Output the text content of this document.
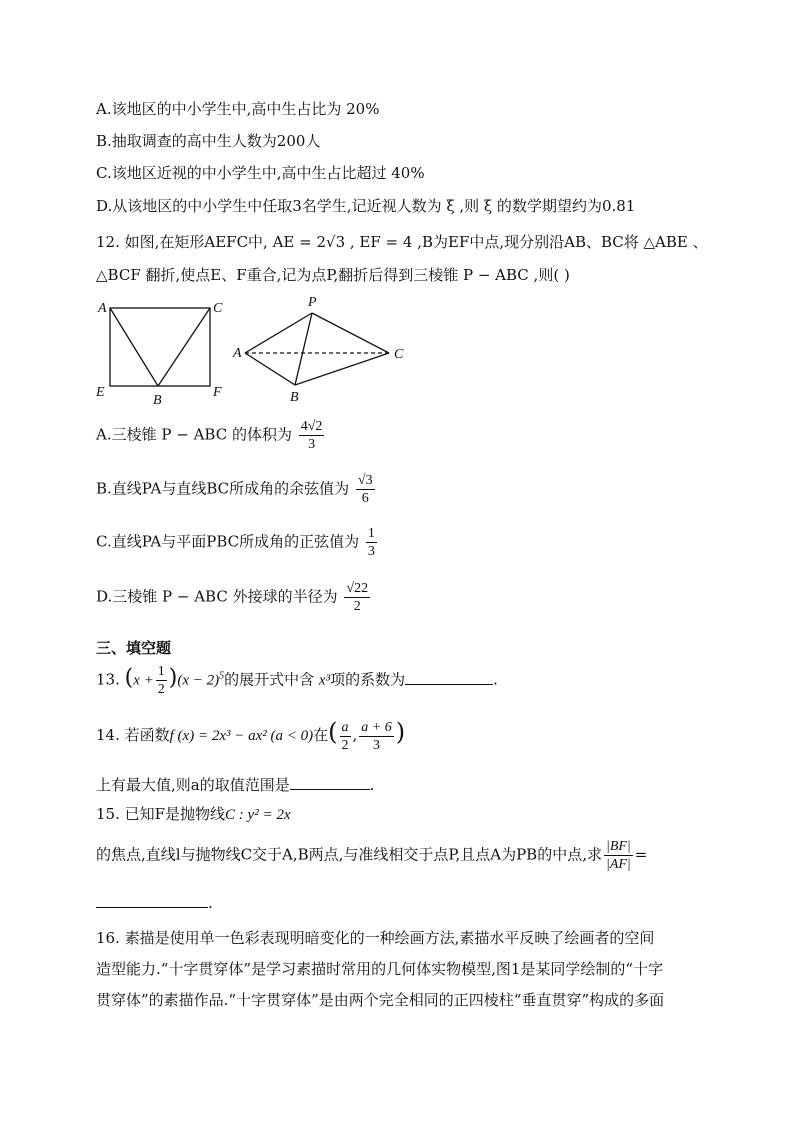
A.该地区的中小学生中,高中生占比为 20%
B.抽取调查的高中生人数为200人
C.该地区近视的中小学生中,高中生占比超过 40%
D.从该地区的中小学生中任取3名学生,记近视人数为 ξ ,则 ξ 的数学期望约为0.81
12. 如图,在矩形AEFC中, AE = 2√3 , EF = 4 ,B为EF中点,现分别沿AB、BC将 △ABE 、
△BCF 翻折,使点E、F重合,记为点P,翻折后得到三棱锥 P − ABC ,则( )
A	C
E	F
B
P
A	C
B
A.三棱锥 P − ABC 的体积为 $\frac{4√2}{3}$
B.直线PA与直线BC所成角的余弦值为 $\frac{√3}{6}$
C.直线PA与平面PBC所成角的正弦值为 $\frac{1}{3}$
D.三棱锥 P − ABC 外接球的半径为 $\frac{√22}{2}$
三、填空题
13. $(x + \frac{1}{2} )(x - 2)^5$的展开式中含 x³项的系数为	.
14. 若函数f (x) = 2x³ − ax² (a < 0)在( $\frac{a}{2}$ , $\frac{a + 6}{3}$ )
上有最大值,则a的取值范围是	.
15. 已知F是抛物线C : y² = 2x
的焦点,直线l与抛物线C交于A,B两点,与准线相交于点P,且点A为PB的中点,求 $\frac{|BF|}{|AF|}$ =
.
16. 素描是使用单一色彩表现明暗变化的一种绘画方法,素描水平反映了绘画者的空间
造型能力.“十字贯穿体”是学习素描时常用的几何体实物模型,图1是某同学绘制的“十字
贯穿体”的素描作品.“十字贯穿体”是由两个完全相同的正四棱柱“垂直贯穿”构成的多面
